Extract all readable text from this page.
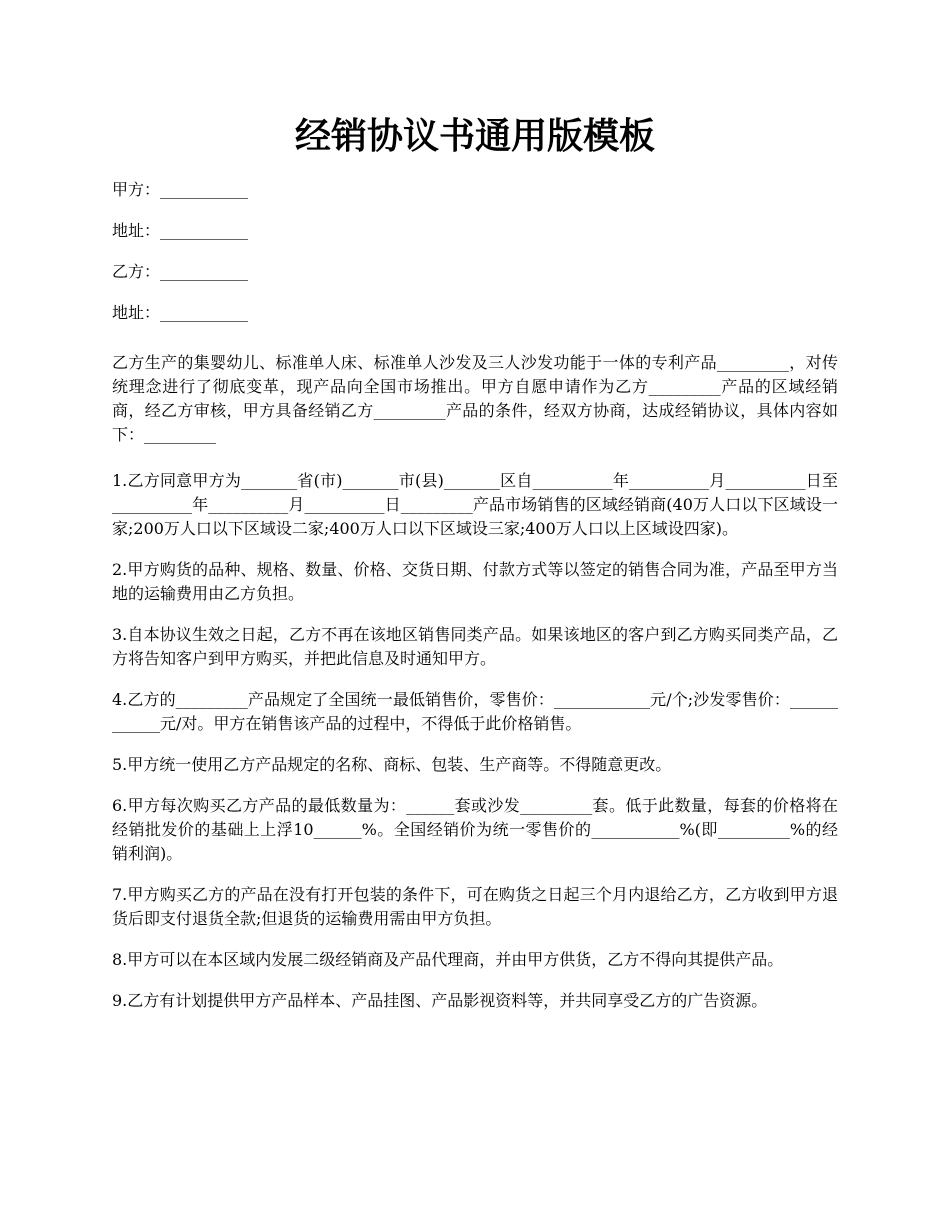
经销协议书通用版模板

甲方：___________

地址：___________

乙方：___________

地址：___________

乙方生产的集婴幼儿、标准单人床、标准单人沙发及三人沙发功能于一体的专利产品_________，对传统理念进行了彻底变革，现产品向全国市场推出。甲方自愿申请作为乙方_________产品的区域经销商，经乙方审核，甲方具备经销乙方_________产品的条件，经双方协商，达成经销协议，具体内容如下：_________

1.乙方同意甲方为_______省(市)_______市(县)_______区自__________年__________月__________日至__________年__________月__________日_________产品市场销售的区域经销商(40万人口以下区域设一家;200万人口以下区域设二家;400万人口以下区域设三家;400万人口以上区域设四家)。

2.甲方购货的品种、规格、数量、价格、交货日期、付款方式等以签定的销售合同为准，产品至甲方当地的运输费用由乙方负担。

3.自本协议生效之日起，乙方不再在该地区销售同类产品。如果该地区的客户到乙方购买同类产品，乙方将告知客户到甲方购买，并把此信息及时通知甲方。

4.乙方的_________产品规定了全国统一最低销售价，零售价：____________元/个;沙发零售价：____________元/对。甲方在销售该产品的过程中，不得低于此价格销售。

5.甲方统一使用乙方产品规定的名称、商标、包装、生产商等。不得随意更改。

6.甲方每次购买乙方产品的最低数量为：______套或沙发_________套。低于此数量，每套的价格将在经销批发价的基础上上浮10______%。全国经销价为统一零售价的___________%(即_________%的经销利润)。

7.甲方购买乙方的产品在没有打开包装的条件下，可在购货之日起三个月内退给乙方，乙方收到甲方退货后即支付退货全款;但退货的运输费用需由甲方负担。

8.甲方可以在本区域内发展二级经销商及产品代理商，并由甲方供货，乙方不得向其提供产品。

9.乙方有计划提供甲方产品样本、产品挂图、产品影视资料等，并共同享受乙方的广告资源。
